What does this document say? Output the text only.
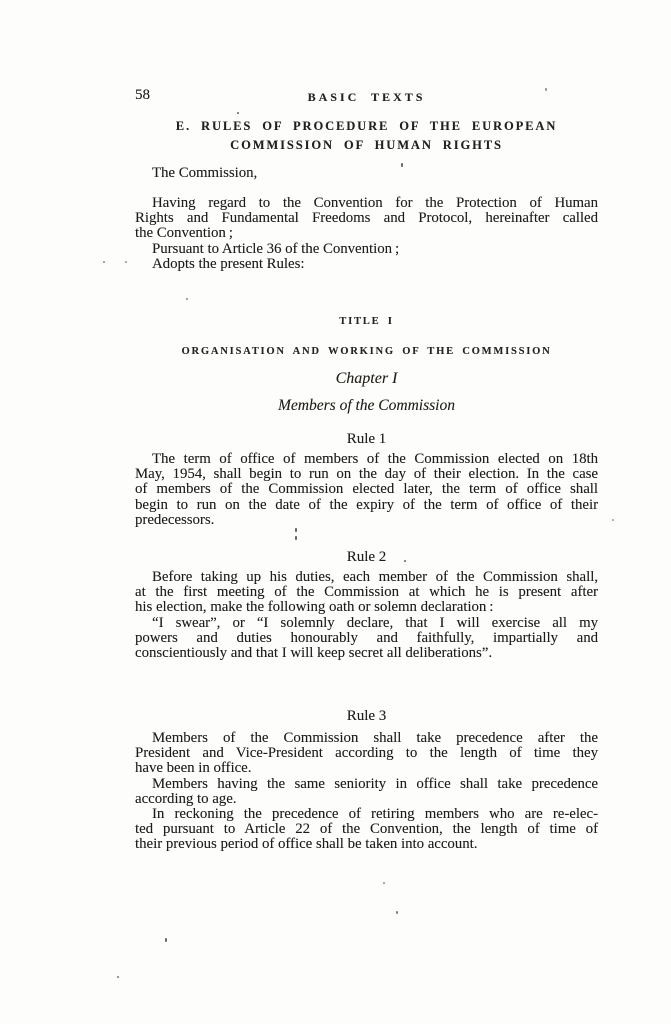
58	BASIC TEXTS
E. RULES OF PROCEDURE OF THE EUROPEAN
COMMISSION OF HUMAN RIGHTS
The Commission,
Having regard to the Convention for the Protection of Human
Rights and Fundamental Freedoms and Protocol, hereinafter called
the Convention ;
Pursuant to Article 36 of the Convention ;
Adopts the present Rules:
TITLE I
ORGANISATION AND WORKING OF THE COMMISSION
Chapter I
Members of the Commission
Rule 1
The term of office of members of the Commission elected on 18th
May, 1954, shall begin to run on the day of their election. In the case
of members of the Commission elected later, the term of office shall
begin to run on the date of the expiry of the term of office of their
predecessors.
Rule 2
Before taking up his duties, each member of the Commission shall,
at the first meeting of the Commission at which he is present after
his election, make the following oath or solemn declaration :
“I swear”, or “I solemnly declare, that I will exercise all my
powers and duties honourably and faithfully, impartially and
conscientiously and that I will keep secret all deliberations”.
Rule 3
Members of the Commission shall take precedence after the
President and Vice-President according to the length of time they
have been in office.
Members having the same seniority in office shall take precedence
according to age.
In reckoning the precedence of retiring members who are re-elec-
ted pursuant to Article 22 of the Convention, the length of time of
their previous period of office shall be taken into account.
